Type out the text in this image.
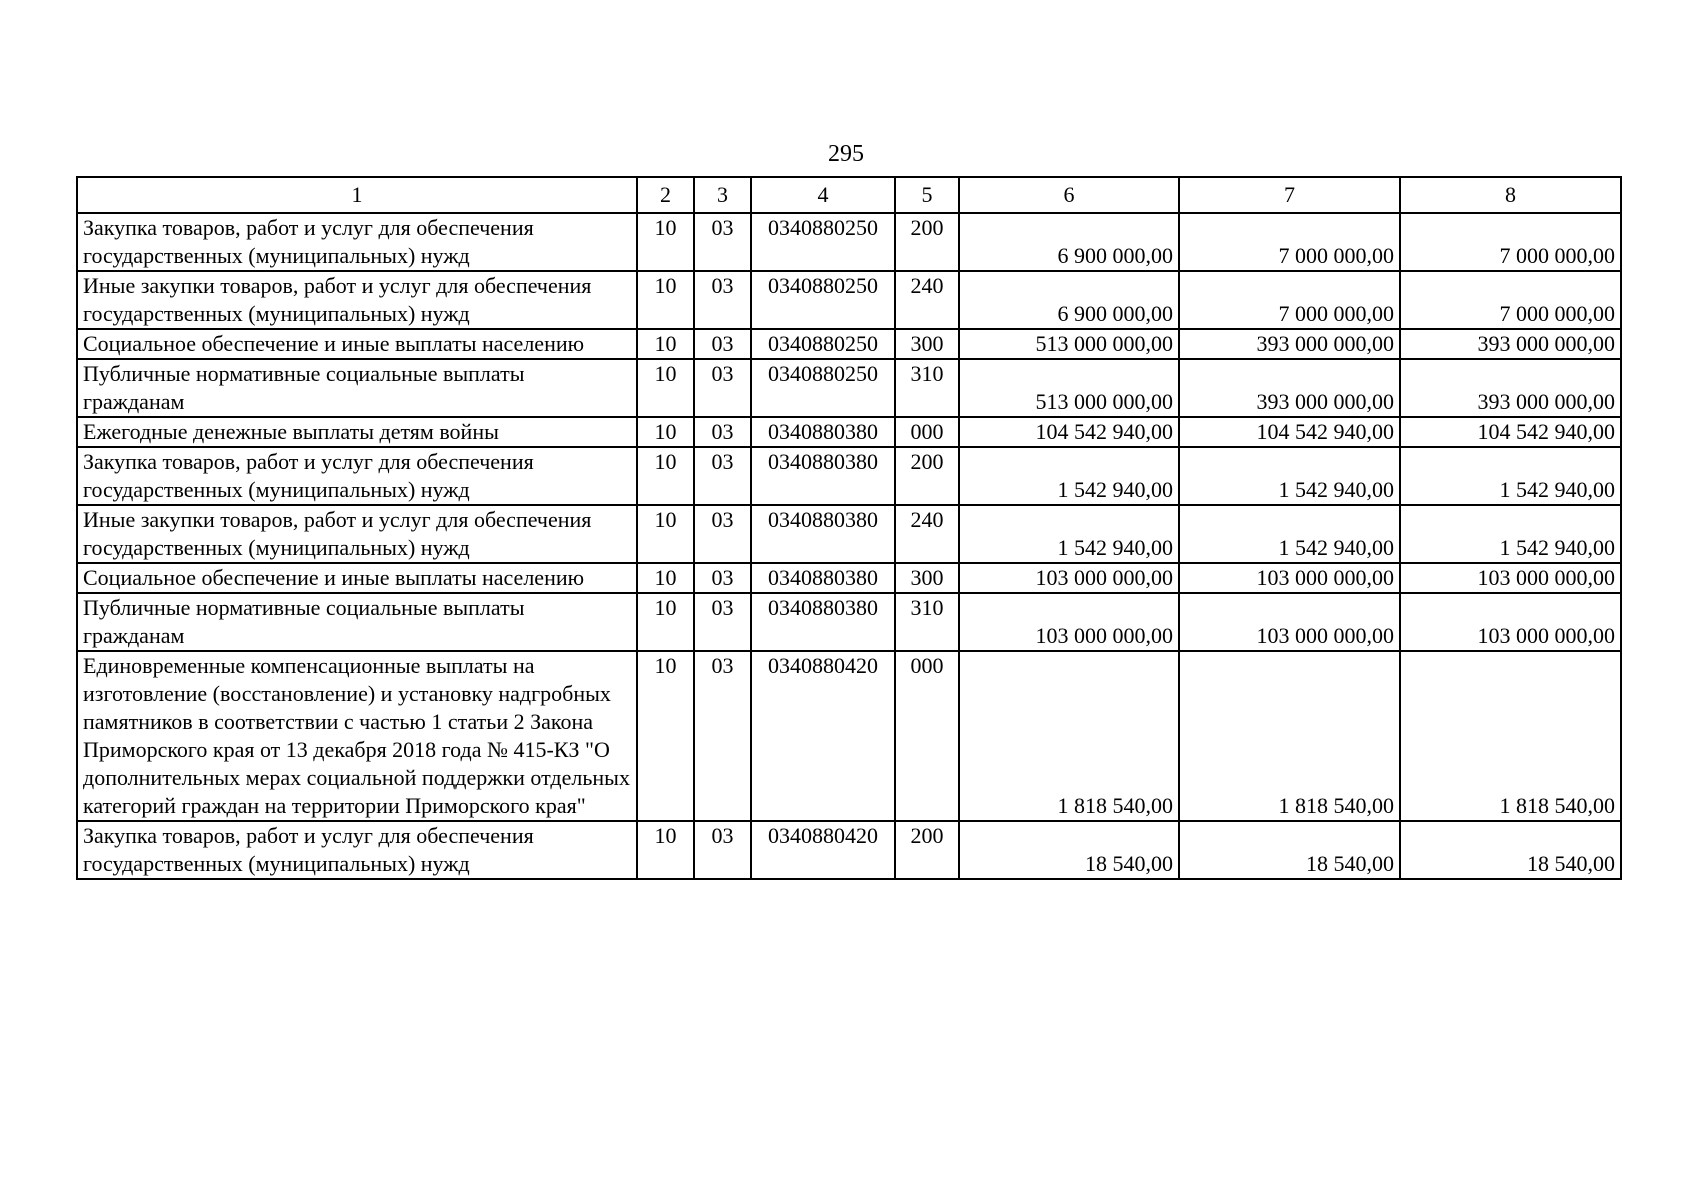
295
1	2	3	4	5	6	7	8
Закупка товаров, работ и услуг для обеспечения государственных (муниципальных) нужд	10	03	0340880250	200	6 900 000,00	7 000 000,00	7 000 000,00
Иные закупки товаров, работ и услуг для обеспечения государственных (муниципальных) нужд	10	03	0340880250	240	6 900 000,00	7 000 000,00	7 000 000,00
Социальное обеспечение и иные выплаты населению	10	03	0340880250	300	513 000 000,00	393 000 000,00	393 000 000,00
Публичные нормативные социальные выплаты гражданам	10	03	0340880250	310	513 000 000,00	393 000 000,00	393 000 000,00
Ежегодные денежные выплаты детям войны	10	03	0340880380	000	104 542 940,00	104 542 940,00	104 542 940,00
Закупка товаров, работ и услуг для обеспечения государственных (муниципальных) нужд	10	03	0340880380	200	1 542 940,00	1 542 940,00	1 542 940,00
Иные закупки товаров, работ и услуг для обеспечения государственных (муниципальных) нужд	10	03	0340880380	240	1 542 940,00	1 542 940,00	1 542 940,00
Социальное обеспечение и иные выплаты населению	10	03	0340880380	300	103 000 000,00	103 000 000,00	103 000 000,00
Публичные нормативные социальные выплаты гражданам	10	03	0340880380	310	103 000 000,00	103 000 000,00	103 000 000,00
Единовременные компенсационные выплаты на изготовление (восстановление) и установку надгробных памятников в соответствии с частью 1 статьи 2 Закона Приморского края от 13 декабря 2018 года № 415-КЗ "О дополнительных мерах социальной поддержки отдельных категорий граждан на территории Приморского края"	10	03	0340880420	000	1 818 540,00	1 818 540,00	1 818 540,00
Закупка товаров, работ и услуг для обеспечения государственных (муниципальных) нужд	10	03	0340880420	200	18 540,00	18 540,00	18 540,00
